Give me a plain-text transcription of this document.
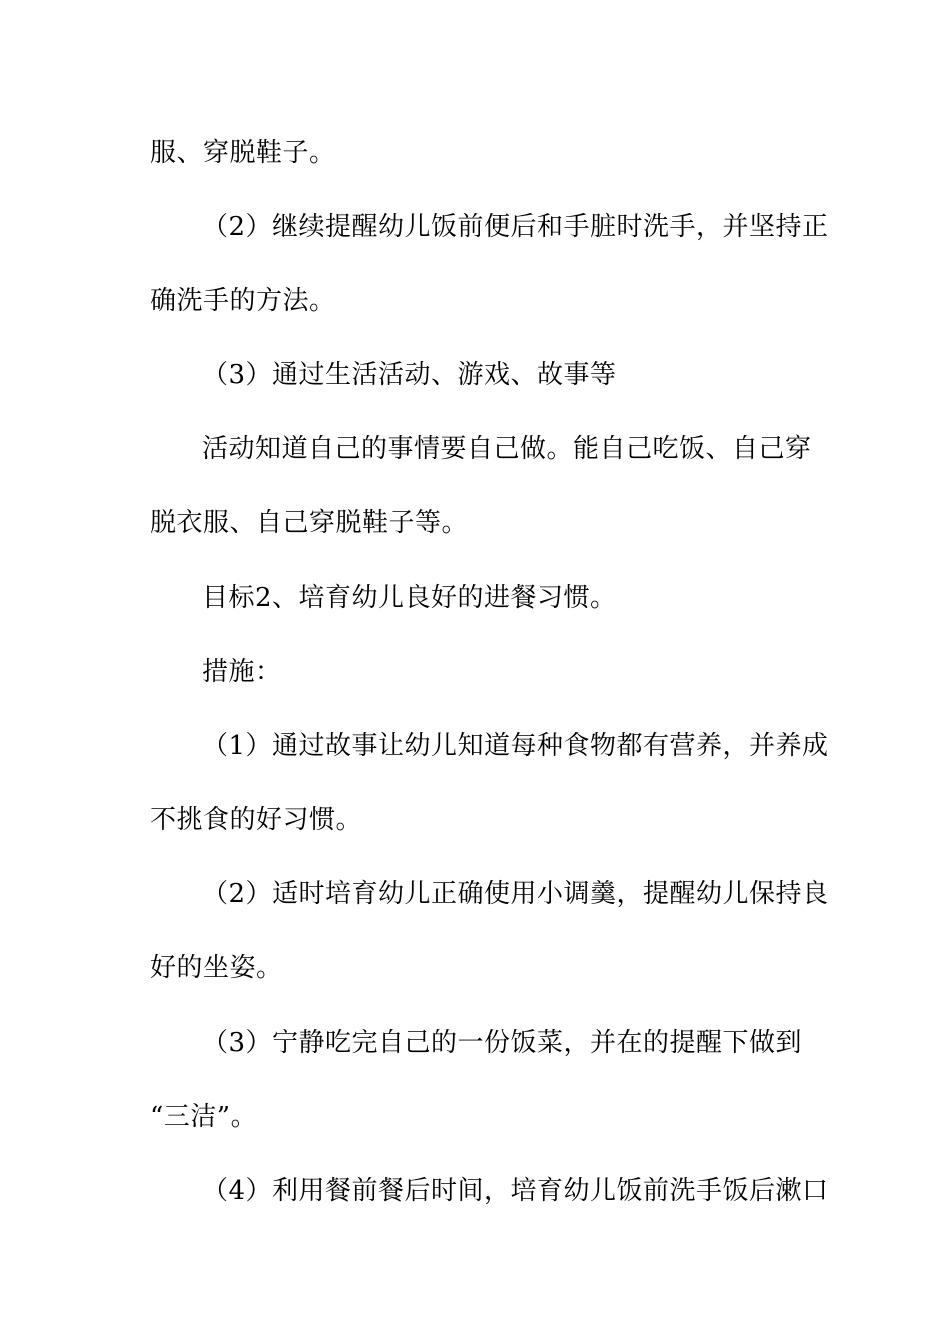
服、穿脱鞋子。
（2）继续提醒幼儿饭前便后和手脏时洗手，并坚持正
确洗手的方法。
（3）通过生活活动、游戏、故事等
活动知道自己的事情要自己做。能自己吃饭、自己穿
脱衣服、自己穿脱鞋子等。
目标2、培育幼儿良好的进餐习惯。
措施：
（1）通过故事让幼儿知道每种食物都有营养，并养成
不挑食的好习惯。
（2）适时培育幼儿正确使用小调羹，提醒幼儿保持良
好的坐姿。
（3）宁静吃完自己的一份饭菜，并在的提醒下做到
“三洁”。
（4）利用餐前餐后时间，培育幼儿饭前洗手饭后漱口
